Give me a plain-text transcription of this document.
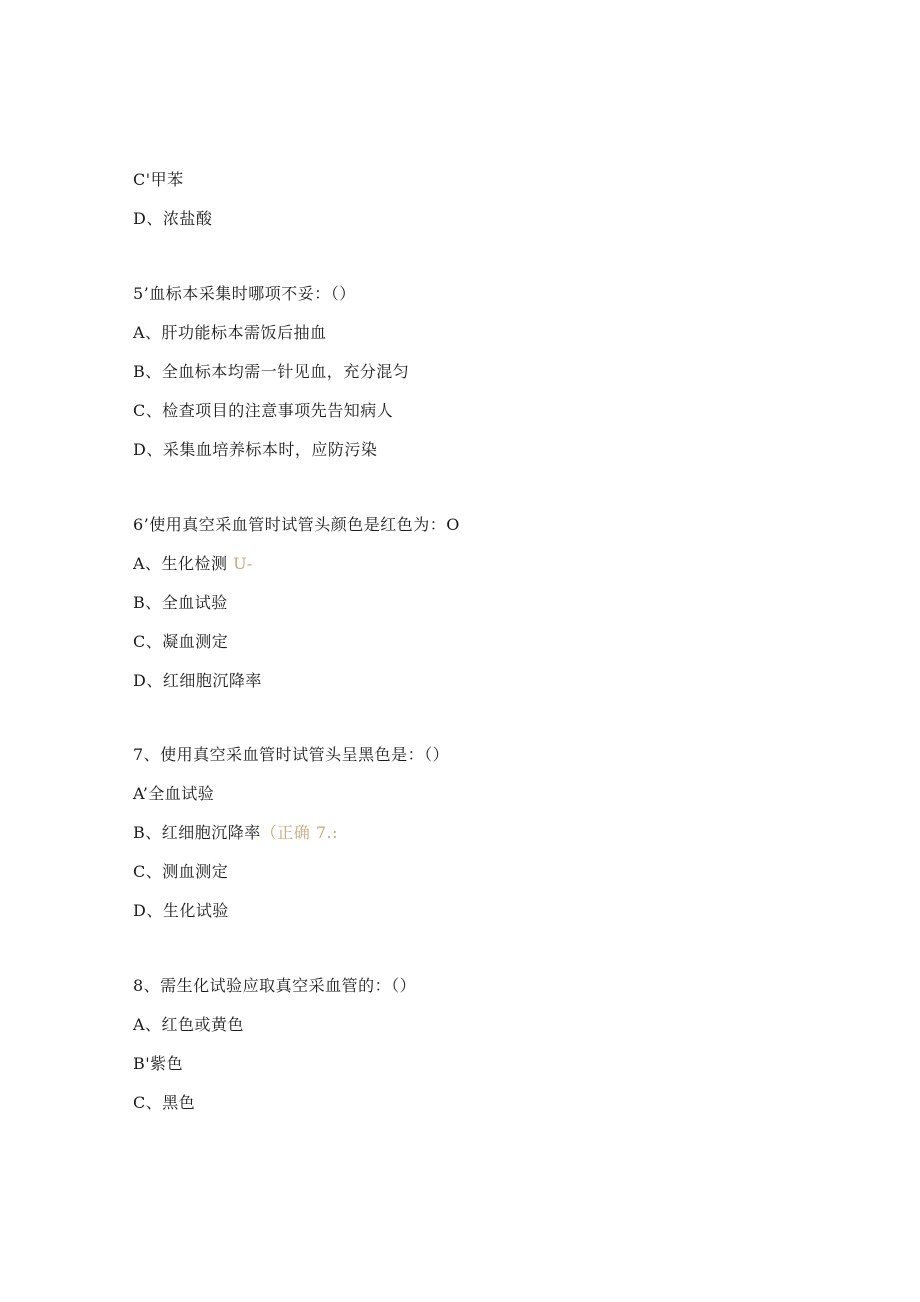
C'甲苯
D、浓盐酸
5’血标本采集时哪项不妥：（）
A、肝功能标本需饭后抽血
B、全血标本均需一针见血，充分混匀
C、检查项目的注意事项先告知病人
D、采集血培养标本时，应防污染
6’使用真空采血管时试管头颜色是红色为：O
A、生化检测 U-
B、全血试验
C、凝血测定
D、红细胞沉降率
7、使用真空采血管时试管头呈黑色是：（）
A’全血试验
B、红细胞沉降率（正确 7.:
C、测血测定
D、生化试验
8、需生化试验应取真空采血管的：（）
A、红色或黄色
B'紫色
C、黑色
